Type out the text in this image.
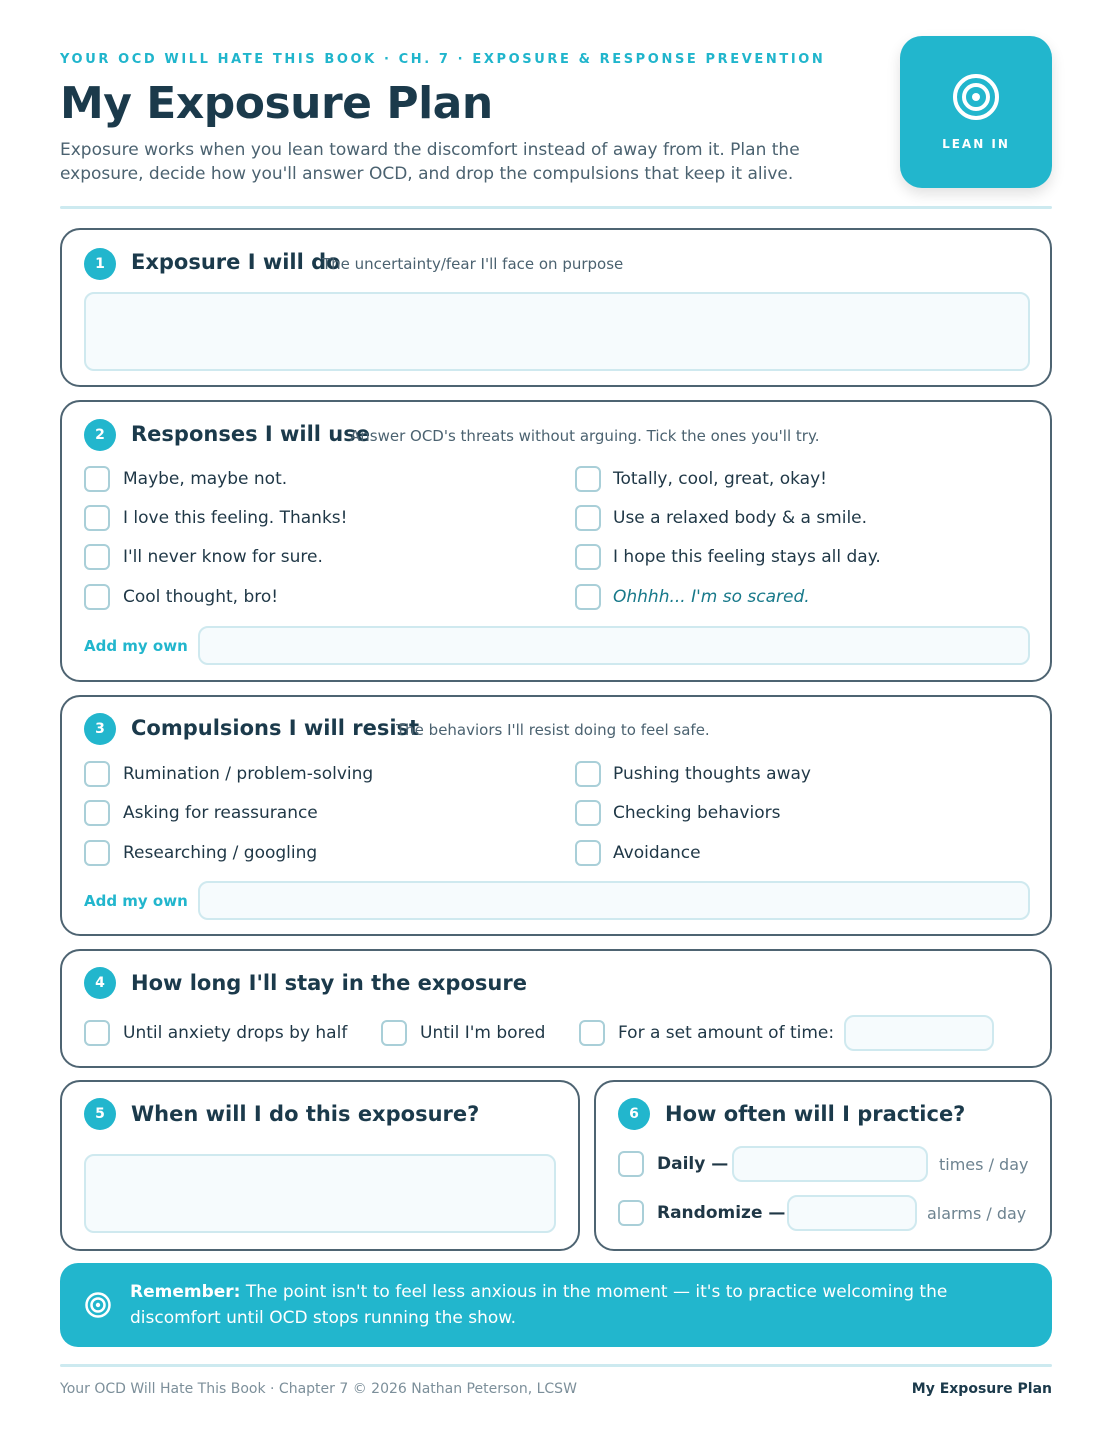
YOUR OCD WILL HATE THIS BOOK · CH. 7 · EXPOSURE & RESPONSE PREVENTION
My Exposure Plan
Exposure works when you lean toward the discomfort instead of away from it. Plan the exposure, decide how you'll answer OCD, and drop the compulsions that keep it alive.
LEAN IN
1	Exposure I will do
The uncertainty/fear I'll face on purpose
2	Responses I will use
Answer OCD's threats without arguing. Tick the ones you'll try.
Maybe, maybe not.
I love this feeling. Thanks!
I'll never know for sure.
Cool thought, bro!
Totally, cool, great, okay!
Use a relaxed body & a smile.
I hope this feeling stays all day.
Ohhhh... I'm so scared.
Add my own
3	Compulsions I will resist
The behaviors I'll resist doing to feel safe.
Rumination / problem-solving
Asking for reassurance
Researching / googling
Pushing thoughts away
Checking behaviors
Avoidance
Add my own
4	How long I'll stay in the exposure
Until anxiety drops by half	Until I'm bored	For a set amount of time:
5	When will I do this exposure?	6	How often will I practice?
Daily —	times / day
Randomize —	alarms / day
Remember: The point isn't to feel less anxious in the moment — it's to practice welcoming the discomfort until OCD stops running the show.
Your OCD Will Hate This Book · Chapter 7 © 2026 Nathan Peterson, LCSW	My Exposure Plan
